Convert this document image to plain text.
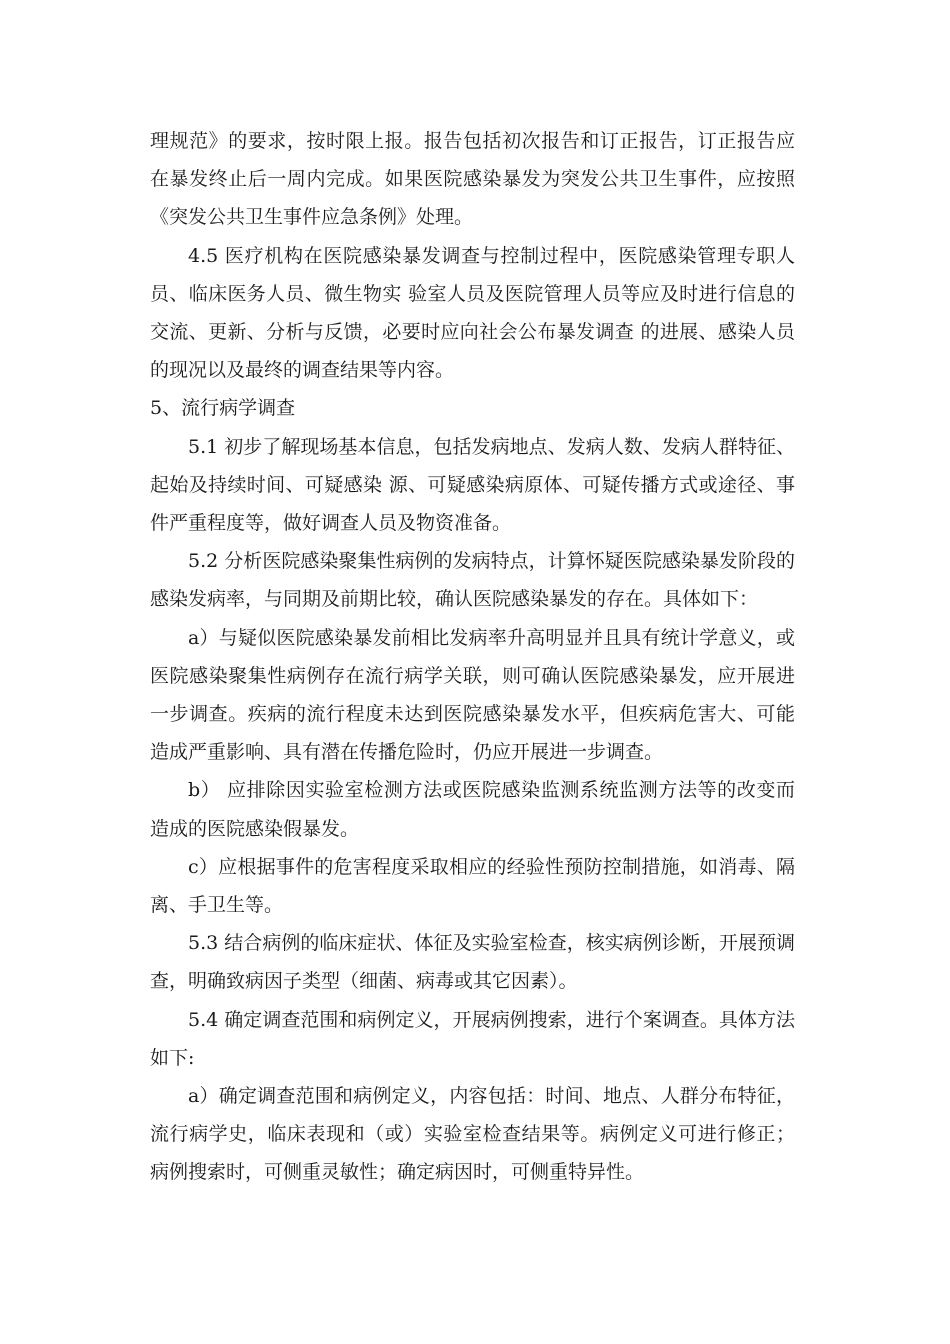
理规范》的要求，按时限上报。报告包括初次报告和订正报告，订正报告应在暴发终止后一周内完成。如果医院感染暴发为突发公共卫生事件，应按照《突发公共卫生事件应急条例》处理。

4.5 医疗机构在医院感染暴发调查与控制过程中，医院感染管理专职人员、临床医务人员、微生物实 验室人员及医院管理人员等应及时进行信息的交流、更新、分析与反馈，必要时应向社会公布暴发调查 的进展、感染人员的现况以及最终的调查结果等内容。

5、流行病学调查

5.1 初步了解现场基本信息，包括发病地点、发病人数、发病人群特征、起始及持续时间、可疑感染 源、可疑感染病原体、可疑传播方式或途径、事件严重程度等，做好调查人员及物资准备。

5.2 分析医院感染聚集性病例的发病特点，计算怀疑医院感染暴发阶段的感染发病率，与同期及前期比较，确认医院感染暴发的存在。具体如下：

a）与疑似医院感染暴发前相比发病率升高明显并且具有统计学意义，或医院感染聚集性病例存在流行病学关联，则可确认医院感染暴发，应开展进一步调查。疾病的流行程度未达到医院感染暴发水平，但疾病危害大、可能造成严重影响、具有潜在传播危险时，仍应开展进一步调查。

b） 应排除因实验室检测方法或医院感染监测系统监测方法等的改变而造成的医院感染假暴发。

c）应根据事件的危害程度采取相应的经验性预防控制措施，如消毒、隔离、手卫生等。

5.3 结合病例的临床症状、体征及实验室检查，核实病例诊断，开展预调查，明确致病因子类型（细菌、病毒或其它因素）。

5.4 确定调查范围和病例定义，开展病例搜索，进行个案调查。具体方法如下:

a）确定调查范围和病例定义，内容包括：时间、地点、人群分布特征，流行病学史，临床表现和（或）实验室检查结果等。病例定义可进行修正；病例搜索时，可侧重灵敏性；确定病因时，可侧重特异性。
